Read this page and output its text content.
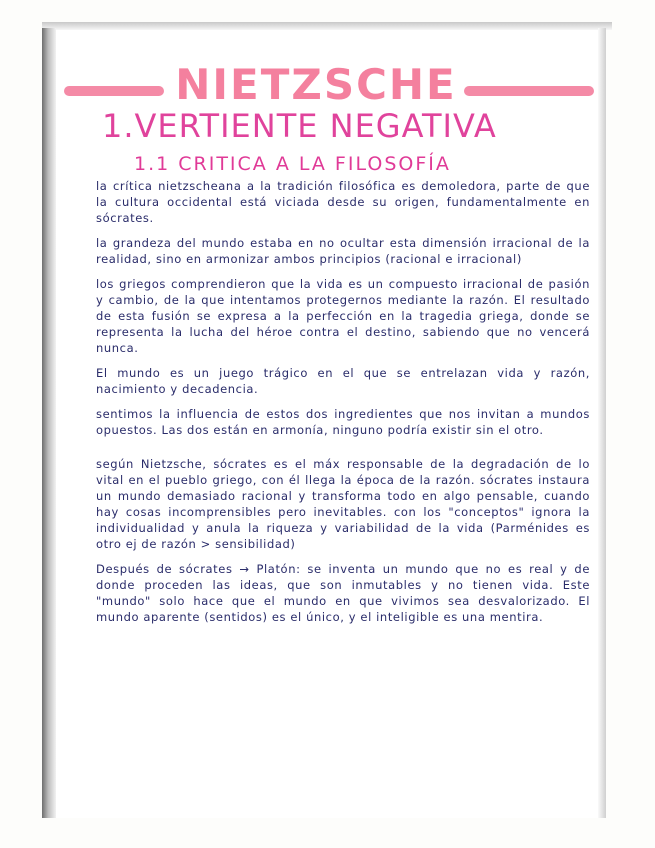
NIETZSCHE
1.VERTIENTE NEGATIVA
1.1 CRITICA A LA FILOSOFÍA

la crítica nietzscheana a la tradición filosófica es demoledora, parte de que la cultura occidental está viciada desde su origen, fundamentalmente en sócrates.

la grandeza del mundo estaba en no ocultar esta dimensión irracional de la realidad, sino en armonizar ambos principios (racional e irracional)

los griegos comprendieron que la vida es un compuesto irracional de pasión y cambio, de la que intentamos protegernos mediante la razón. El resultado de esta fusión se expresa a la perfección en la tragedia griega, donde se representa la lucha del héroe contra el destino, sabiendo que no vencerá nunca.

El mundo es un juego trágico en el que se entrelazan vida y razón, nacimiento y decadencia.

sentimos la influencia de estos dos ingredientes que nos invitan a mundos opuestos. Las dos están en armonía, ninguno podría existir sin el otro.

según Nietzsche, sócrates es el máx responsable de la degradación de lo vital en el pueblo griego, con él llega la época de la razón. sócrates instaura un mundo demasiado racional y transforma todo en algo pensable, cuando hay cosas incomprensibles pero inevitables. con los "conceptos" ignora la individualidad y anula la riqueza y variabilidad de la vida (Parménides es otro ej de razón > sensibilidad)

Después de sócrates → Platón: se inventa un mundo que no es real y de donde proceden las ideas, que son inmutables y no tienen vida. Este "mundo" solo hace que el mundo en que vivimos sea desvalorizado. El mundo aparente (sentidos) es el único, y el inteligible es una mentira.
